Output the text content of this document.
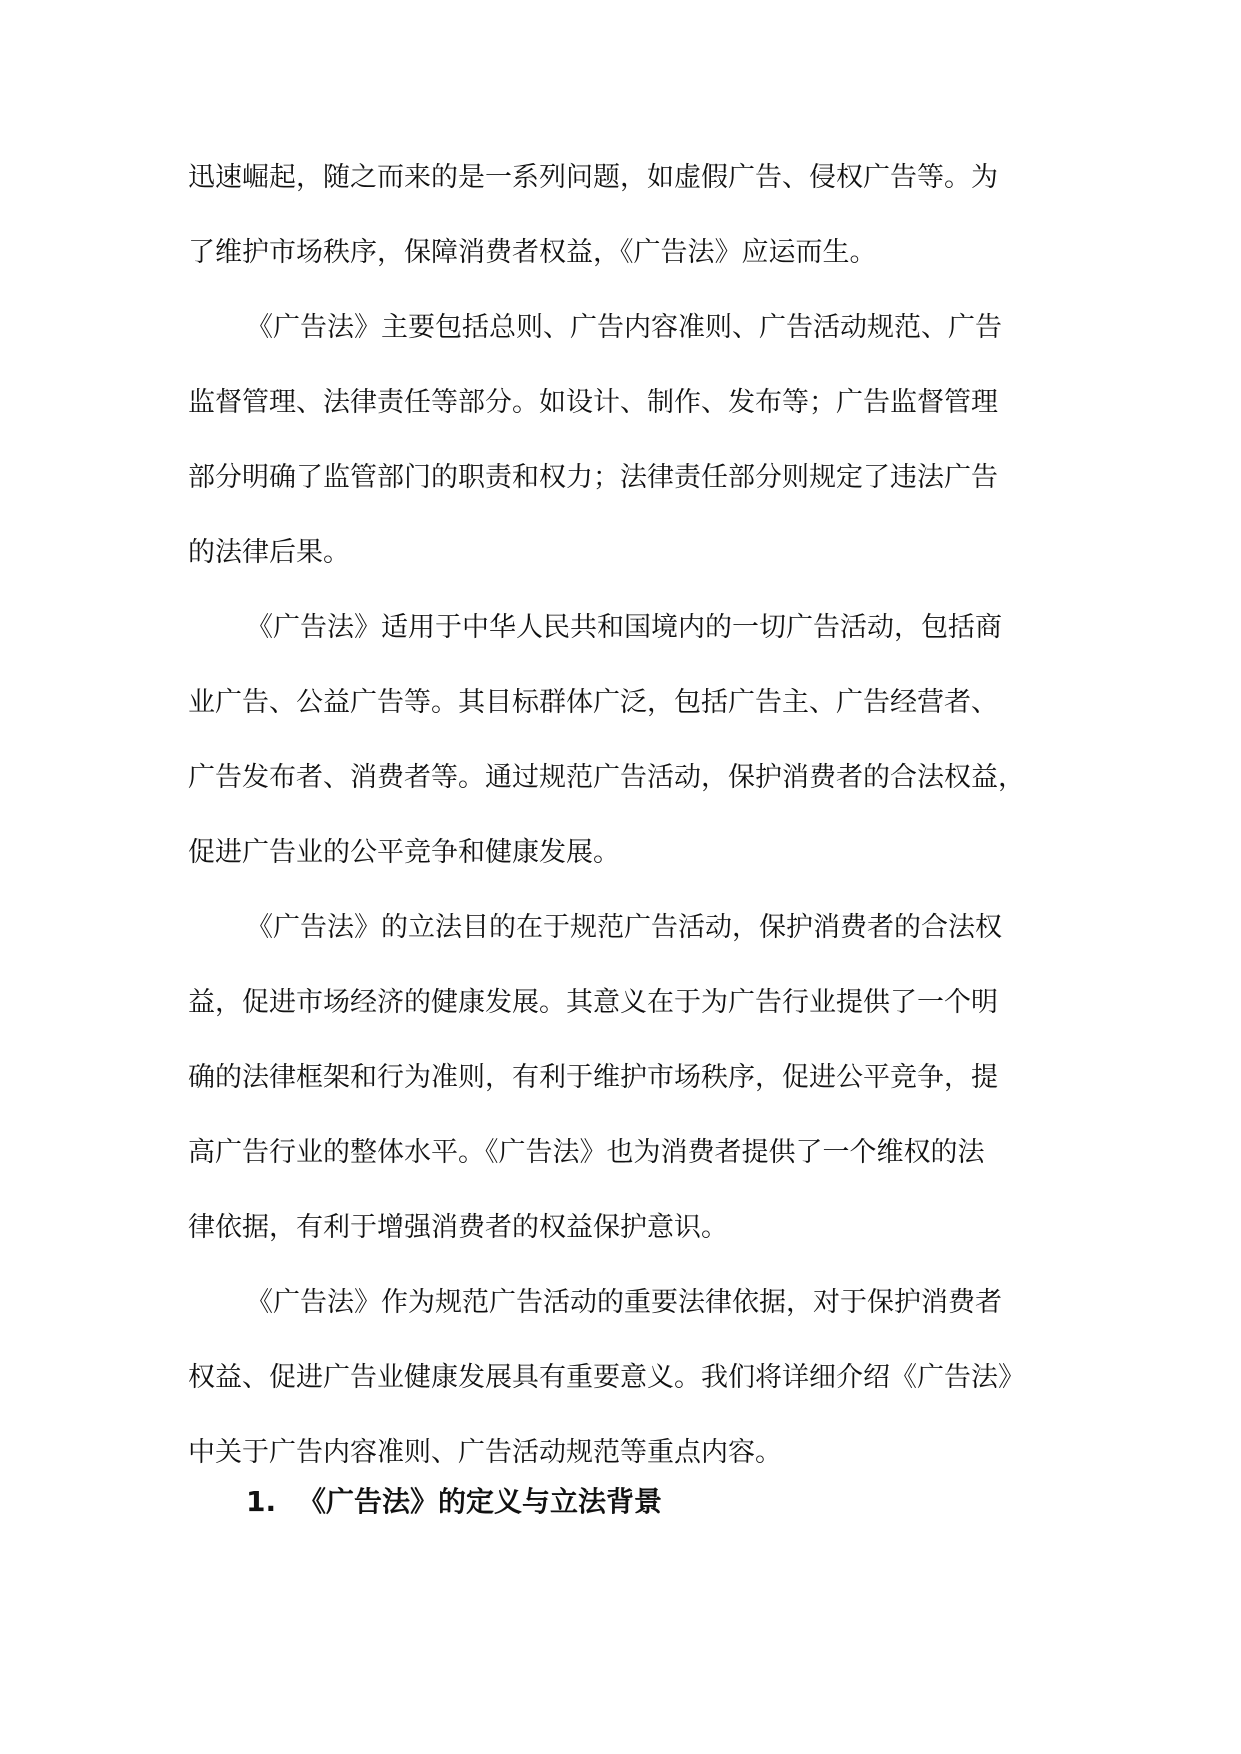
迅速崛起，随之而来的是一系列问题，如虚假广告、侵权广告等。为
了维护市场秩序，保障消费者权益，《广告法》应运而生。
《广告法》主要包括总则、广告内容准则、广告活动规范、广告
监督管理、法律责任等部分。如设计、制作、发布等；广告监督管理
部分明确了监管部门的职责和权力；法律责任部分则规定了违法广告
的法律后果。
《广告法》适用于中华人民共和国境内的一切广告活动，包括商
业广告、公益广告等。其目标群体广泛，包括广告主、广告经营者、
广告发布者、消费者等。通过规范广告活动，保护消费者的合法权益，
促进广告业的公平竞争和健康发展。
《广告法》的立法目的在于规范广告活动，保护消费者的合法权
益，促进市场经济的健康发展。其意义在于为广告行业提供了一个明
确的法律框架和行为准则，有利于维护市场秩序，促进公平竞争，提
高广告行业的整体水平。《广告法》也为消费者提供了一个维权的法
律依据，有利于增强消费者的权益保护意识。
《广告法》作为规范广告活动的重要法律依据，对于保护消费者
权益、促进广告业健康发展具有重要意义。我们将详细介绍《广告法》
中关于广告内容准则、广告活动规范等重点内容。
1. 《广告法》的定义与立法背景
